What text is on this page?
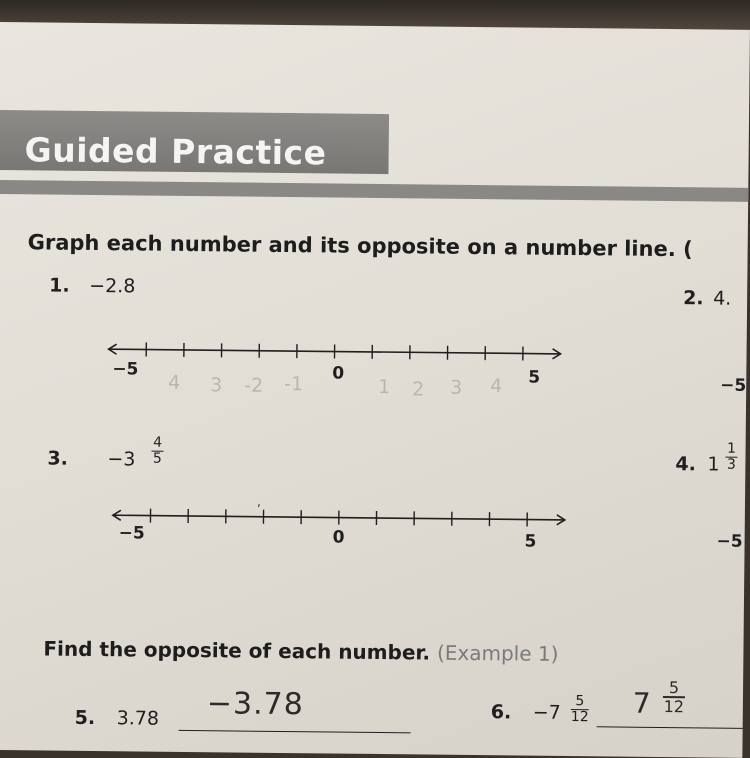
Guided Practice
Graph each number and its opposite on a number line. (
1. −2.8
2. 4.
−5	0	5
4 3 -2 -1	1 2 3 4	−5
3. $-3 \frac{4}{5}$	4. $1 \frac{1}{3}$
−5	0	5	−5
,
Find the opposite of each number. (Example 1)
5. 3.78 −3.78	6. $-7 \frac{5}{12} 7 \frac{5}{12}$
